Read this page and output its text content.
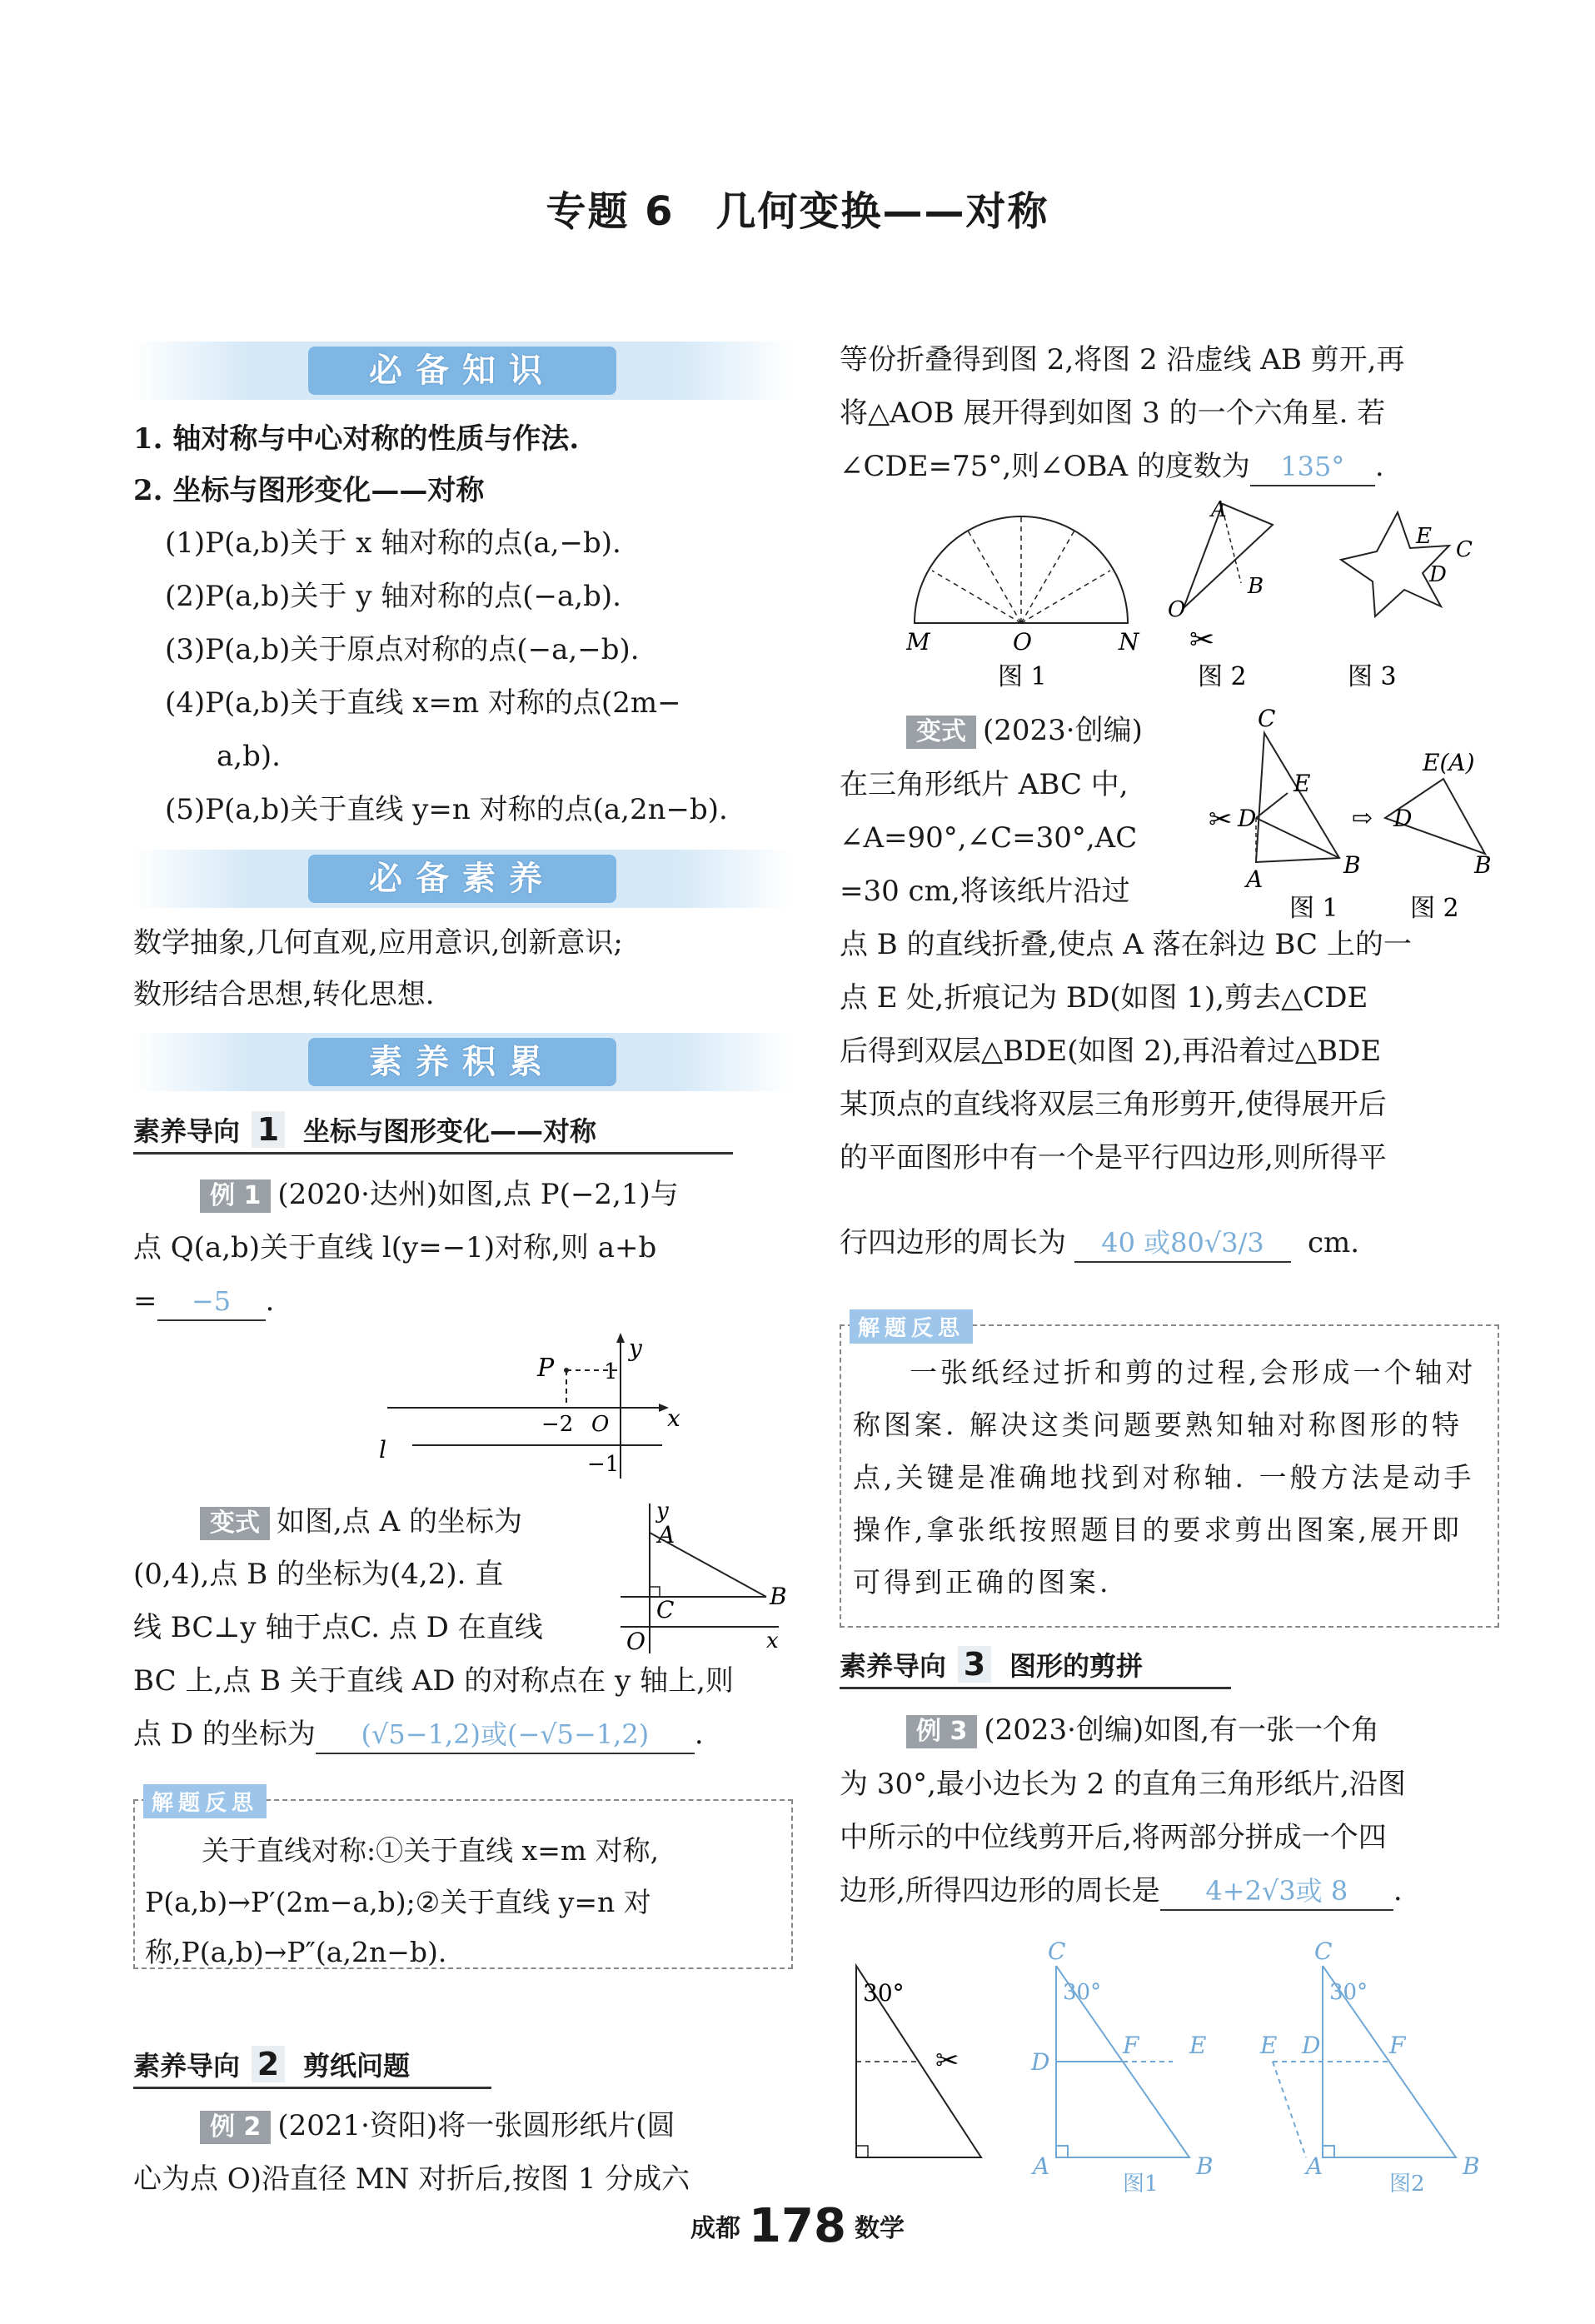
专题 6　几何变换——对称
必备知识
1. 轴对称与中心对称的性质与作法.
2. 坐标与图形变化——对称
(1)P(a,b)关于 x 轴对称的点(a,−b).
(2)P(a,b)关于 y 轴对称的点(−a,b).
(3)P(a,b)关于原点对称的点(−a,−b).
(4)P(a,b)关于直线 x=m 对称的点(2m−
a,b).
(5)P(a,b)关于直线 y=n 对称的点(a,2n−b).
必备素养
数学抽象,几何直观,应用意识,创新意识;
数形结合思想,转化思想.
素养积累
素养导向 1 坐标与图形变化——对称
例 1 (2020·达州)如图,点 P(−2,1)与
点 Q(a,b)关于直线 l(y=−1)对称,则 a+b
= −5 .
P
y
x
l
1
−2 O
−1
变式 如图,点 A 的坐标为
(0,4),点 B 的坐标为(4,2). 直
线 BC⊥y 轴于点C. 点 D 在直线
BC 上,点 B 关于直线 AD 的对称点在 y 轴上,则
点 D 的坐标为 (√5−1,2)或(−√5−1,2) .
y
A
B
C
O	x
解题反思
关于直线对称:①关于直线 x=m 对称,
P(a,b)→P′(2m−a,b);②关于直线 y=n 对
称,P(a,b)→P″(a,2n−b).
素养导向 2 剪纸问题
例 2 (2021·资阳)将一张圆形纸片(圆
心为点 O)沿直径 MN 对折后,按图 1 分成六
等份折叠得到图 2,将图 2 沿虚线 AB 剪开,再
将△AOB 展开得到如图 3 的一个六角星. 若
∠CDE=75°,则∠OBA 的度数为 135° .
M	O	N
图 1
A
B
O
✂
图 2
E
C
D
图 3
变式 (2023·创编)
在三角形纸片 ABC 中,
∠A=90°,∠C=30°,AC
=30 cm,将该纸片沿过
点 B 的直线折叠,使点 A 落在斜边 BC 上的一
点 E 处,折痕记为 BD(如图 1),剪去△CDE
后得到双层△BDE(如图 2),再沿着过△BDE
某顶点的直线将双层三角形剪开,使得展开后
的平面图形中有一个是平行四边形,则所得平
行四边形的周长为 40 或80√3/3 cm.
✂
C
E
D
A
B
⇨
E(A)
D
B
图 1	图 2
解题反思
一张纸经过折和剪的过程,会形成一个轴对称图案. 解决这类问题要熟知轴对称图形的特点,关键是准确地找到对称轴. 一般方法是动手操作,拿张纸按照题目的要求剪出图案,展开即可得到正确的图案.
素养导向 3 图形的剪拼
例 3 (2023·创编)如图,有一张一个角
为 30°,最小边长为 2 的直角三角形纸片,沿图
中所示的中位线剪开后,将两部分拼成一个四
边形,所得四边形的周长是 4+2√3或 8 .
30°
✂
C
D
A	B
F E
30°
图1
C
E D
A	B
F
30°
图2
成都 178 数学
